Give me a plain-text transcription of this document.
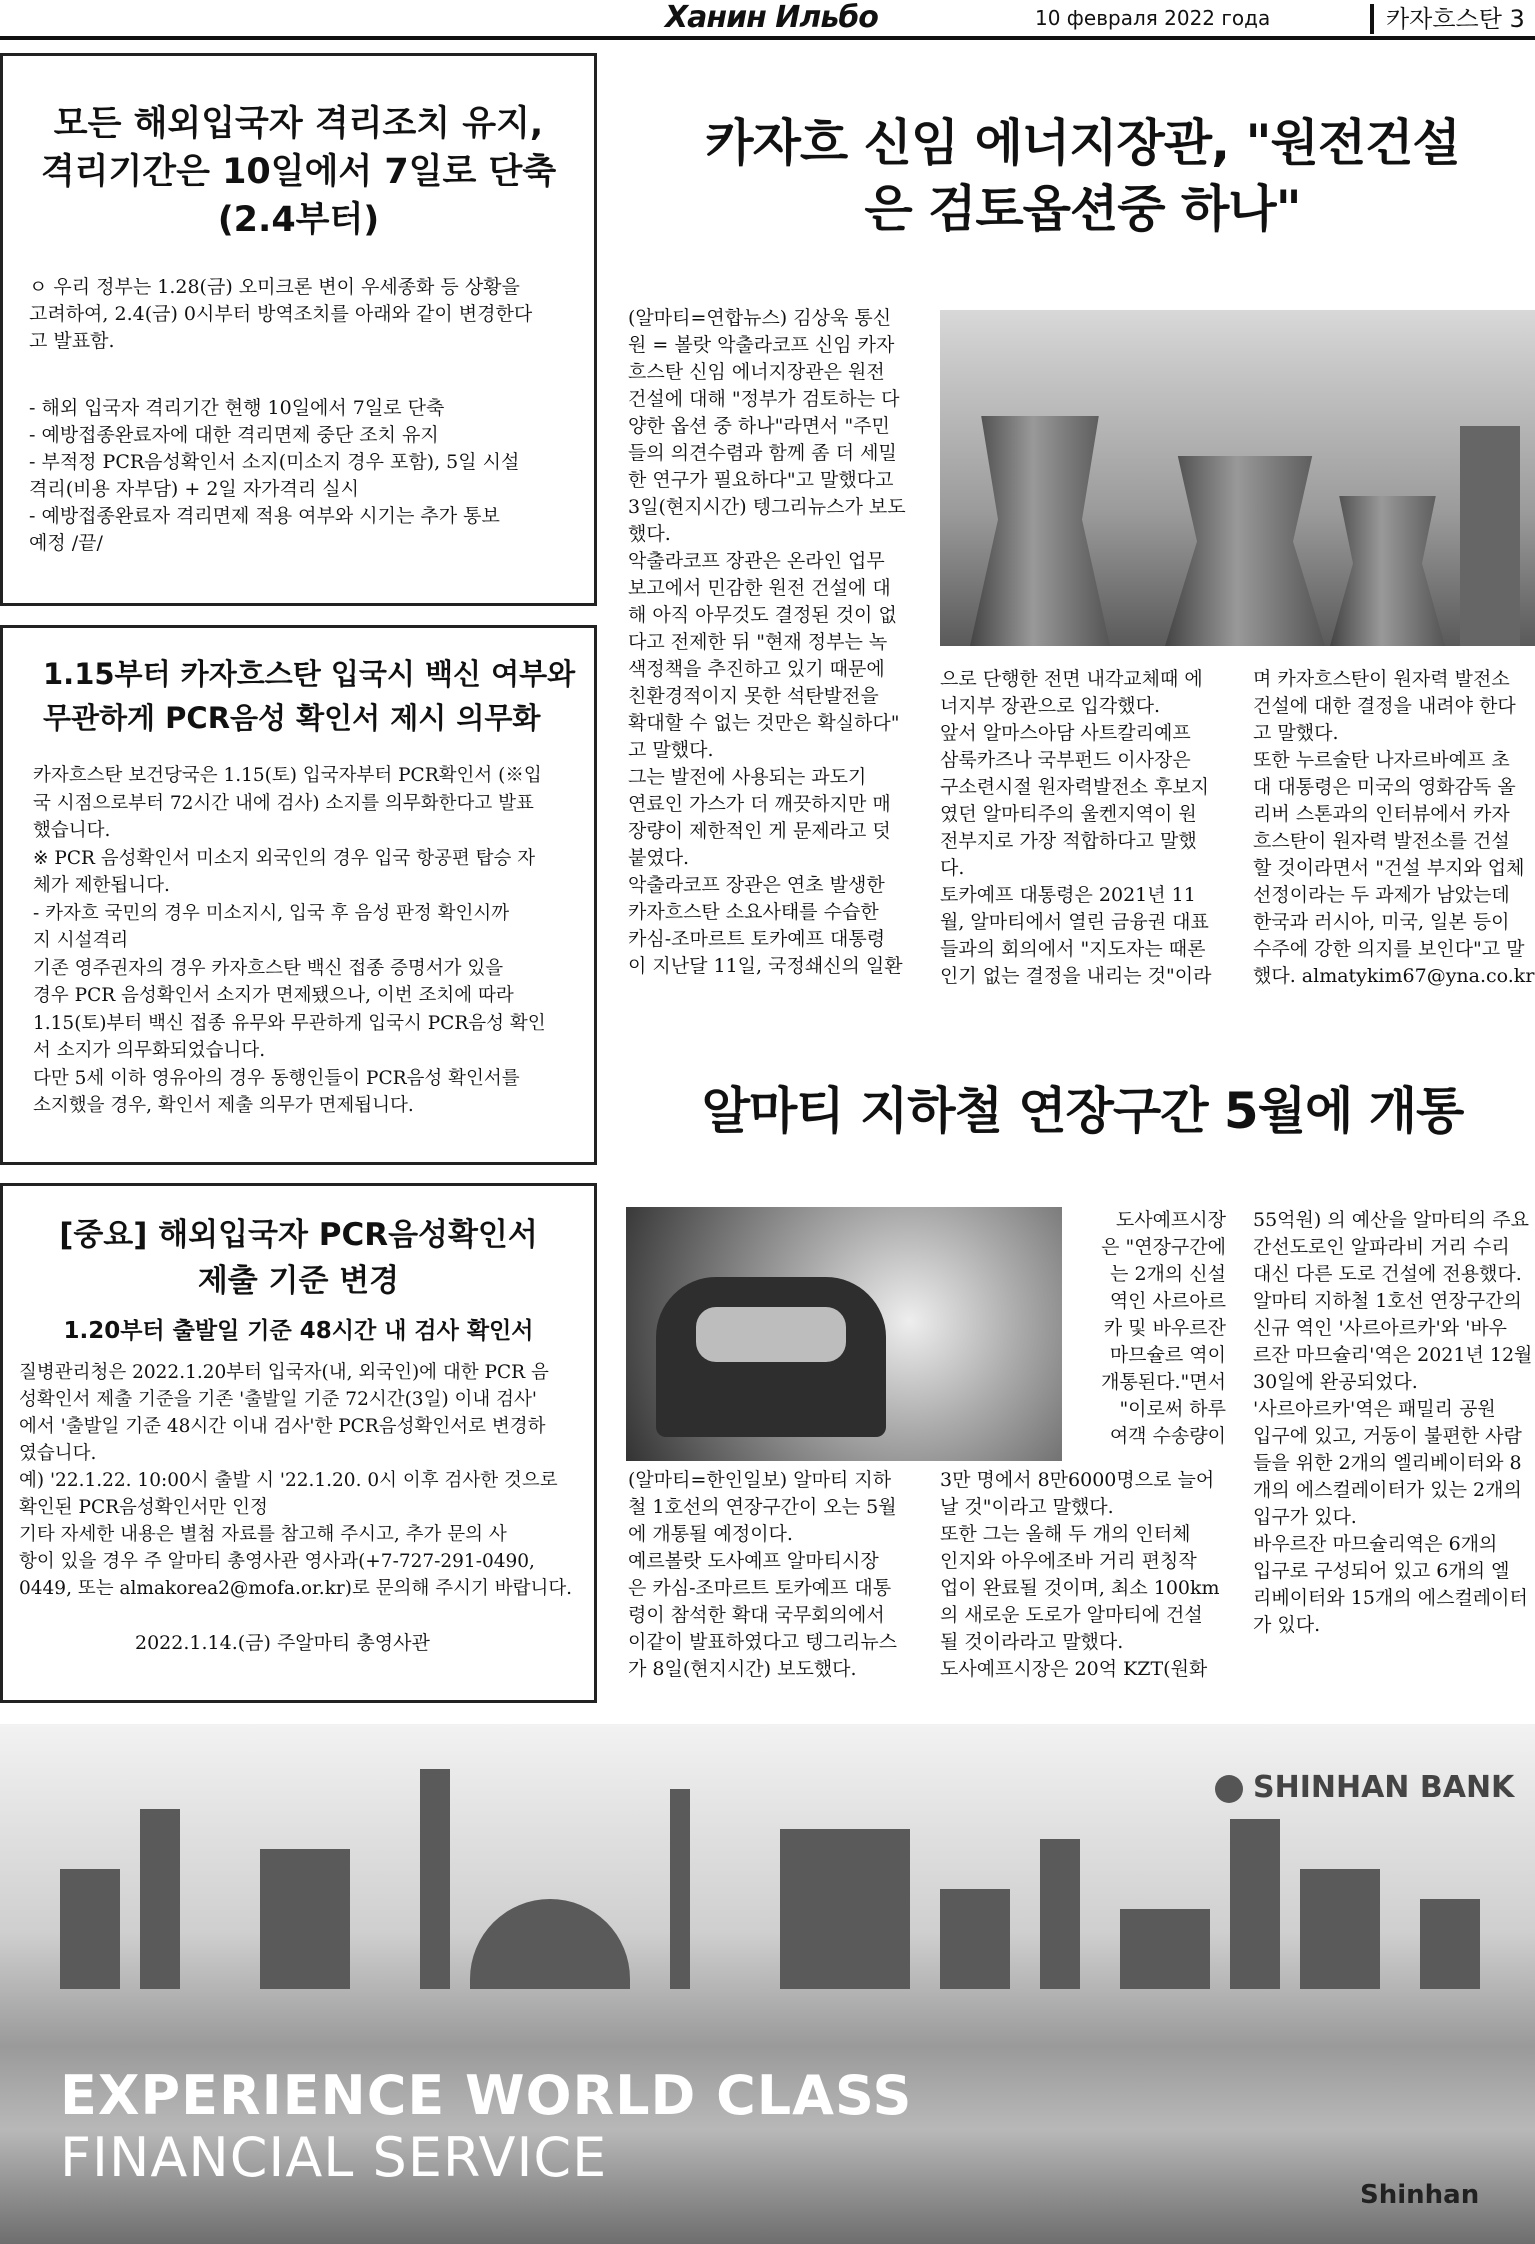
Ханин Ильбо	10 февраля 2022 года	카자흐스탄 3
모든 해외입국자 격리조치 유지,
격리기간은 10일에서 7일로 단축
(2.4부터)

ㅇ 우리 정부는 1.28(금) 오미크론 변이 우세종화 등 상황을

고려하여, 2.4(금) 0시부터 방역조치를 아래와 같이 변경한다

고 발표함.

- 해외 입국자 격리기간 현행 10일에서 7일로 단축

- 예방접종완료자에 대한 격리면제 중단 조치 유지

- 부적정 PCR음성확인서 소지(미소지 경우 포함), 5일 시설

격리(비용 자부담) + 2일 자가격리 실시

- 예방접종완료자 격리면제 적용 여부와 시기는 추가 통보

예정 /끝/

1.15부터 카자흐스탄 입국시 백신 여부와
무관하게 PCR음성 확인서 제시 의무화

카자흐스탄 보건당국은 1.15(토) 입국자부터 PCR확인서 (※입

국 시점으로부터 72시간 내에 검사) 소지를 의무화한다고 발표

했습니다.

※ PCR 음성확인서 미소지 외국인의 경우 입국 항공편 탑승 자

체가 제한됩니다.

- 카자흐 국민의 경우 미소지시, 입국 후 음성 판정 확인시까

지 시설격리

기존 영주권자의 경우 카자흐스탄 백신 접종 증명서가 있을

경우 PCR 음성확인서 소지가 면제됐으나, 이번 조치에 따라

1.15(토)부터 백신 접종 유무와 무관하게 입국시 PCR음성 확인

서 소지가 의무화되었습니다.

다만 5세 이하 영유아의 경우 동행인들이 PCR음성 확인서를

소지했을 경우, 확인서 제출 의무가 면제됩니다.

[중요] 해외입국자 PCR음성확인서
제출 기준 변경
1.20부터 출발일 기준 48시간 내 검사 확인서

질병관리청은 2022.1.20부터 입국자(내, 외국인)에 대한 PCR 음

성확인서 제출 기준을 기존 '출발일 기준 72시간(3일) 이내 검사'

에서 '출발일 기준 48시간 이내 검사'한 PCR음성확인서로 변경하

였습니다.

예) '22.1.22. 10:00시 출발 시 '22.1.20. 0시 이후 검사한 것으로

확인된 PCR음성확인서만 인정

기타 자세한 내용은 별첨 자료를 참고해 주시고, 추가 문의 사

항이 있을 경우 주 알마티 총영사관 영사과(+7-727-291-0490,

0449, 또는 almakorea2@mofa.or.kr)로 문의해 주시기 바랍니다.

2022.1.14.(금) 주알마티 총영사관
카자흐 신임 에너지장관, "원전건설
은 검토옵션중 하나"

(알마티=연합뉴스) 김상욱 통신

원 = 볼랏 악출라코프 신임 카자

흐스탄 신임 에너지장관은 원전

건설에 대해 "정부가 검토하는 다

양한 옵션 중 하나"라면서 "주민

들의 의견수렴과 함께 좀 더 세밀

한 연구가 필요하다"고 말했다고

3일(현지시간) 텡그리뉴스가 보도

했다.

악출라코프 장관은 온라인 업무

보고에서 민감한 원전 건설에 대

해 아직 아무것도 결정된 것이 없

다고 전제한 뒤 "현재 정부는 녹

색정책을 추진하고 있기 때문에

친환경적이지 못한 석탄발전을

확대할 수 없는 것만은 확실하다"

고 말했다.

그는 발전에 사용되는 과도기

연료인 가스가 더 깨끗하지만 매

장량이 제한적인 게 문제라고 덧

붙였다.

악출라코프 장관은 연초 발생한

카자흐스탄 소요사태를 수습한

카심-조마르트 토카예프 대통령

이 지난달 11일, 국정쇄신의 일환

으로 단행한 전면 내각교체때 에

너지부 장관으로 입각했다.

앞서 알마스아담 사트칼리예프

삼룩카즈나 국부펀드 이사장은

구소련시절 원자력발전소 후보지

였던 알마티주의 울켄지역이 원

전부지로 가장 적합하다고 말했

다.

토카예프 대통령은 2021년 11

월, 알마티에서 열린 금융권 대표

들과의 회의에서 "지도자는 때론

인기 없는 결정을 내리는 것"이라

며 카자흐스탄이 원자력 발전소

건설에 대한 결정을 내려야 한다

고 말했다.

또한 누르술탄 나자르바예프 초

대 대통령은 미국의 영화감독 올

리버 스톤과의 인터뷰에서 카자

흐스탄이 원자력 발전소를 건설

할 것이라면서 "건설 부지와 업체

선정이라는 두 과제가 남았는데

한국과 러시아, 미국, 일본 등이

수주에 강한 의지를 보인다"고 말

했다. almatykim67@yna.co.kr

알마티 지하철 연장구간 5월에 개통

(알마티=한인일보) 알마티 지하

철 1호선의 연장구간이 오는 5월

에 개통될 예정이다.

예르볼랏 도사예프 알마티시장

은 카심-조마르트 토카예프 대통

령이 참석한 확대 국무회의에서

이같이 발표하였다고 텡그리뉴스

가 8일(현지시간) 보도했다.

도사예프시장

은 "연장구간에

는 2개의 신설

역인 사르아르

카 및 바우르잔

마므슐르 역이

개통된다."면서

"이로써 하루

여객 수송량이

3만 명에서 8만6000명으로 늘어

날 것"이라고 말했다.

또한 그는 올해 두 개의 인터체

인지와 아우에조바 거리 편칭작

업이 완료될 것이며, 최소 100km

의 새로운 도로가 알마티에 건설

될 것이라라고 말했다.

도사예프시장은 20억 KZT(원화

55억원) 의 예산을 알마티의 주요

간선도로인 알파라비 거리 수리

대신 다른 도로 건설에 전용했다.

알마티 지하철 1호선 연장구간의

신규 역인 '사르아르카'와 '바우

르잔 마므슐리'역은 2021년 12월

30일에 완공되었다.

'사르아르카'역은 패밀리 공원

입구에 있고, 거동이 불편한 사람

들을 위한 2개의 엘리베이터와 8

개의 에스컬레이터가 있는 2개의

입구가 있다.

바우르잔 마므슐리역은 6개의

입구로 구성되어 있고 6개의 엘

리베이터와 15개의 에스컬레이터

가 있다.

SHINHAN BANK
EXPERIENCE WORLD CLASS
FINANCIAL SERVICE
Shinhan
